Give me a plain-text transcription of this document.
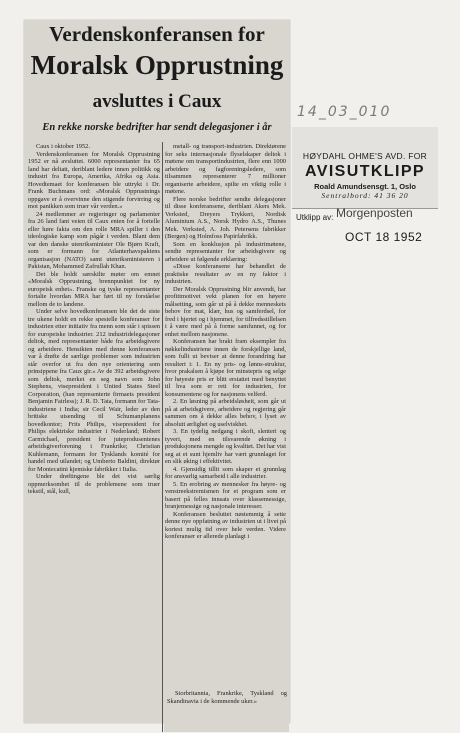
Verdenskonferansen for
Moralsk Opprustning
avsluttes i Caux
En rekke norske bedrifter har sendt delegasjoner i år

Caux i oktober 1952.

Verdenskonferansen for Moralsk Opprustning 1952 er nå avsluttet. 6000 representanter fra 65 land har deltatt, deriblant ledere innen politikk og industri fra Europa, Amerika, Afrika og Asia. Hovedtemaet for konferansen ble uttrykt i Dr. Frank Buchmans ord: «Moralsk Opprustnings oppgave er å overvinne den stigende forvirring og mot panikken som truer vår verden.»

24 medlemmer av regjeringer og parlamenter fra 26 land fant veien til Caux enten for å fortelle eller høre fakta om den rolle MRA spiller i den ideologiske kamp som pågår i verden. Blant dem var den danske utenriksminister Ole Bjørn Kraft, som er formann for Atlanterhavspaktens organisasjon (NATO) samt utenriksministeren i Pakistan, Mohammed Zafrullah Khan.

Det ble holdt særskilte møter om emnet «Moralsk Opprustning, brennpunktet for ny europeisk enhet». Franske og tyske representanter fortalte hvordan MRA har ført til ny forståelse mellom de to landene.

Under selve hovedkonferansen ble det de siste tre ukene holdt en rekke spesielle konferanser for industrien etter initiativ fra menn som står i spissen for europeiske industrier. 212 industridelegasjoner deltok, med representanter både fra arbeidsgivere og arbeidere. Hensikten med denne konferansen var å drøfte de særlige problemer som industrien står overfor ut fra den nye orientering som prinsippene fra Caux gir.» Av de 392 arbeidsgivere som deltok, merket en seg navn som John Stephens, visepresident i United States Steel Corporation, (han representerte firmaets president Benjamin Fairless); J. R. D. Tata, formann for Tata-industriene i India; sir Cecil Wair, leder av den britiske utsending til Schumanplanens hovedkontor; Frits Philips, visepresident for Philips elektriske industrier i Nederland; Robert Carmichael, president for juteprodusentenes arbeidsgiverforening i Frankrike; Christian Kuhlemann, formann for Tysklands komité for handel med utlandet; og Umberto Baldini, direktør for Montecatini kjemiske fabrikker i Italia.

Under drøftingene ble det vist særlig oppmerksomhet til de problemene som truer tekstil, stål, kull,

metall- og transport-industrien. Direktørene for seks internasjonale flyselskaper deltok i møtene om transportindustrien, flere enn 1000 arbeidere og fagforeningsledere, som tilsammen representerer 7 millioner organiserte arbeidere, spilte en viktig rolle i møtene.

Flere norske bedrifter sendte delegasjoner til disse konferansene, deriblant Akers Mek. Verksted, Dreyers Trykkeri, Nordisk Aluminium A.S., Norsk Hydro A.S., Thunes Mek. Verksted, A. Joh. Petersens fabrikker (Bergen) og Holmfoss Papirfabrikk.

Som en konklusjon på industrimøtene, sendte representanter for arbeidsgivere og arbeidere ut følgende erklæring:

«Disse konferansene har behandlet de praktiske resultater av en ny faktor i industrien.

Der Moralsk Opprustning blir anvendt, har profittmotivet vekt planen for en høyere målsetting, som går ut på å dekke menneskets behov for mat, klær, hus og samferdsel, for fred i hjertet og i hjemmet, for tilfredsstillelsen i å være med på å forme samfunnet, og for enhet mellom nasjonene.

Konferansen har brakt fram eksempler fra nøkkelindustriene innen de forskjellige land, som fullt ut beviser at denne forandring har resultert i: 1. En ny pris- og lønns-struktur, hvor prakalsen å kjøpe for minstepris og selge for høyeste pris er blitt erstattet med benyttet til hva som er rett for industrien, for konsumentene og for nasjonens velferd.

2. En løsning på arbeidsløsheit, som går ut på at arbeidsgivere, arbeidere og regjering går sammen om å dekke alles behov, i lyset av absolutt ærlighet og uselviskhet.

3. En tydelig nedgang i skoft, slenteri og tyveri, med en tilsvarende økning i produksjonens mengde og kvalitet. Det har vist seg at et sunt hjemliv har vært grunnlaget for en slik øking i effektivitet.

4. Gjensidig tillit som skaper et grunnlag for ansvarlig samarbeid i alle industrier.

5. En erobring av mennesker fra høyre- og venstreekstremismen for et program som er basert på felles innsats over klassemessige, branjemessige og nasjonale interesser.

Konferansen besluttet nøstemmig å sette denne nye oppfatning av industrien ut i livet på kortest mulig tid over hele verden. Videre konferanser er allerede planlagt i

Storbritannia, Frankrike, Tyskland og Skandinavia i de kommende uker.»

14_03_010
HØYDAHL OHME'S AVD. FOR
AVISUTKLIPP
Roald Amundsensgt. 1, Oslo
Sentralbord: 41 36 20
Utklipp av: Morgenposten
OCT 18 1952
